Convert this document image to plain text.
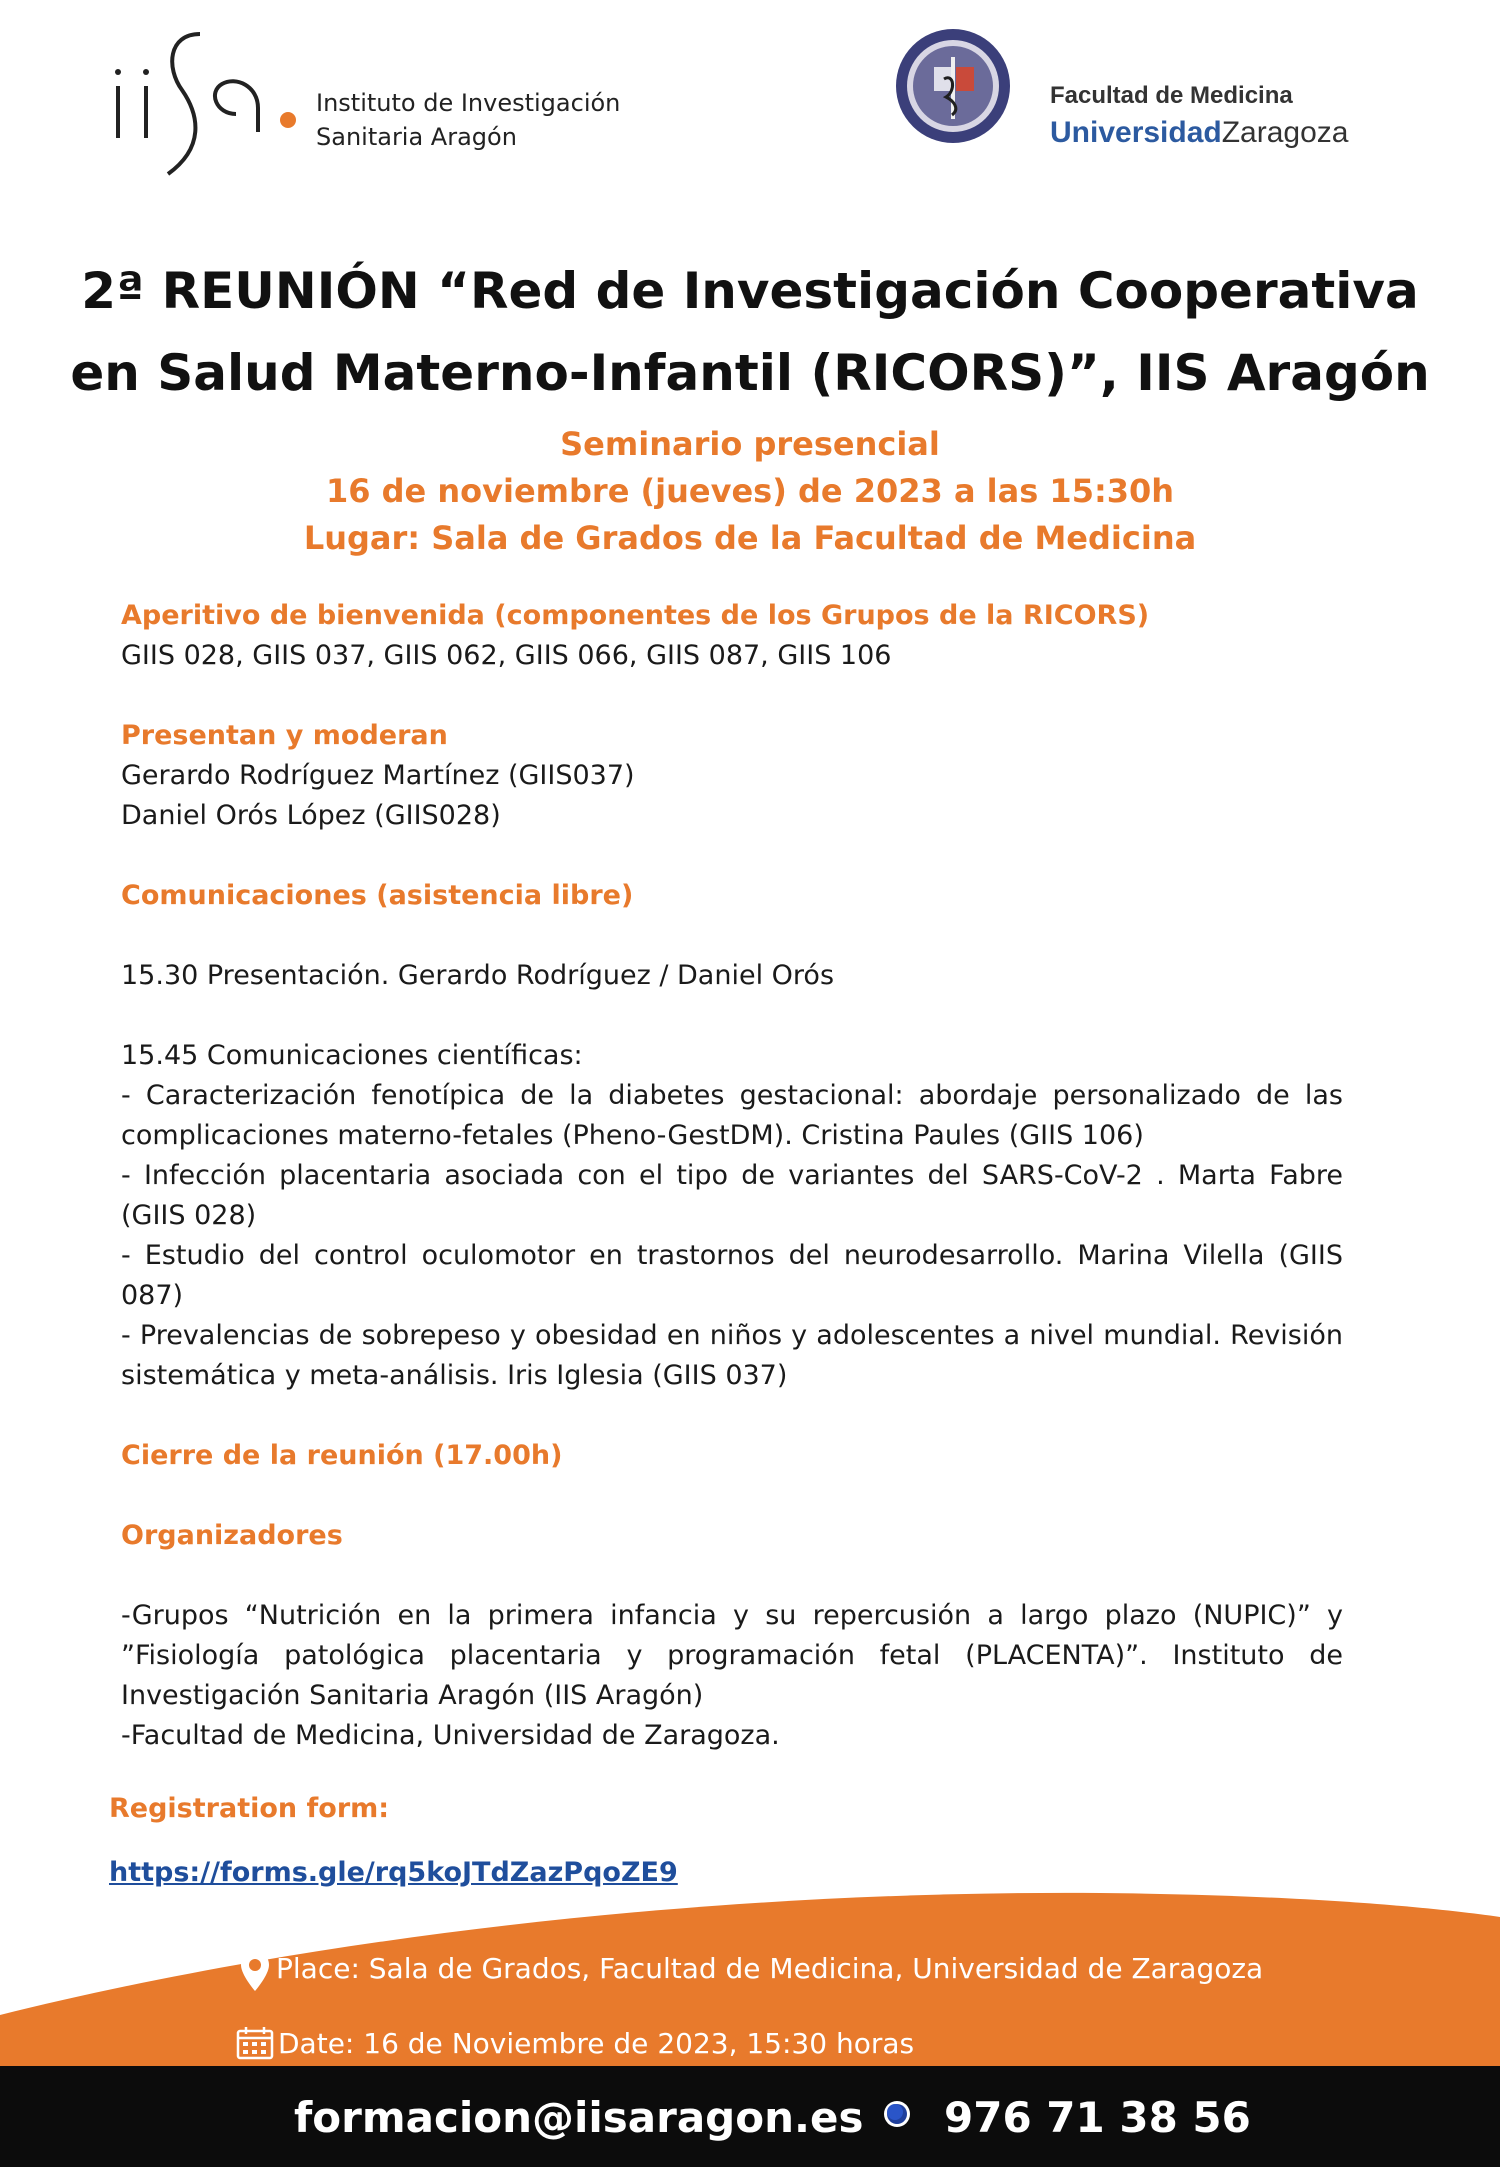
Instituto de Investigación
Sanitaria Aragón
Facultad de Medicina
UniversidadZaragoza
2ª REUNIÓN “Red de Investigación Cooperativa
en Salud Materno-Infantil (RICORS)”, IIS Aragón
Seminario presencial
16 de noviembre (jueves) de 2023 a las 15:30h
Lugar: Sala de Grados de la Facultad de Medicina

Aperitivo de bienvenida (componentes de los Grupos de la RICORS)

GIIS 028, GIIS 037, GIIS 062, GIIS 066, GIIS 087, GIIS 106

Presentan y moderan

Gerardo Rodríguez Martínez (GIIS037)

Daniel Orós López (GIIS028)

Comunicaciones (asistencia libre)

15.30 Presentación. Gerardo Rodríguez / Daniel Orós

15.45 Comunicaciones científicas:

- Caracterización fenotípica de la diabetes gestacional: abordaje personalizado de las complicaciones materno-fetales (Pheno-GestDM). Cristina Paules (GIIS 106)

- Infección placentaria asociada con el tipo de variantes del SARS-CoV-2 . Marta Fabre (GIIS 028)

- Estudio del control oculomotor en trastornos del neurodesarrollo. Marina Vilella (GIIS 087)

- Prevalencias de sobrepeso y obesidad en niños y adolescentes a nivel mundial. Revisión sistemática y meta-análisis. Iris Iglesia (GIIS 037)

Cierre de la reunión (17.00h)

Organizadores

-Grupos “Nutrición en la primera infancia y su repercusión a largo plazo (NUPIC)” y ”Fisiología patológica placentaria y programación fetal (PLACENTA)”. Instituto de Investigación Sanitaria Aragón (IIS Aragón)

-Facultad de Medicina, Universidad de Zaragoza.

Registration form:
https://forms.gle/rq5koJTdZazPqoZE9
Place: Sala de Grados, Facultad de Medicina, Universidad de Zaragoza
Date: 16 de Noviembre de 2023, 15:30 horas
formacion@iisaragon.es 976 71 38 56
